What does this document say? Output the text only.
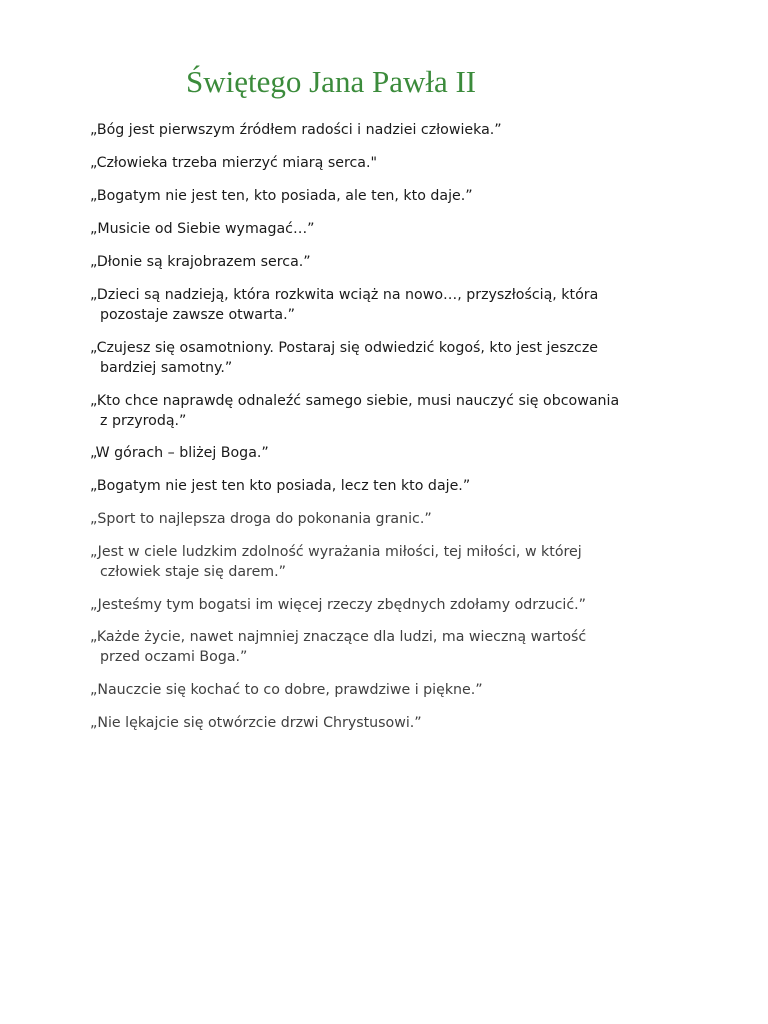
Świętego Jana Pawła II
„Bóg jest pierwszym źródłem radości i nadziei człowieka.”
„Człowieka trzeba mierzyć miarą serca."
„Bogatym nie jest ten, kto posiada, ale ten, kto daje.”
„Musicie od Siebie wymagać…”
„Dłonie są krajobrazem serca.”
„Dzieci są nadzieją, która rozkwita wciąż na nowo…, przyszłością, która
pozostaje zawsze otwarta.”
„Czujesz się osamotniony. Postaraj się odwiedzić kogoś, kto jest jeszcze
bardziej samotny.”
„Kto chce naprawdę odnaleźć samego siebie, musi nauczyć się obcowania
z przyrodą.”
„W górach – bliżej Boga.”
„Bogatym nie jest ten kto posiada, lecz ten kto daje.”
„Sport to najlepsza droga do pokonania granic.”
„Jest w ciele ludzkim zdolność wyrażania miłości, tej miłości, w której
człowiek staje się darem.”
„Jesteśmy tym bogatsi im więcej rzeczy zbędnych zdołamy odrzucić.”
„Każde życie, nawet najmniej znaczące dla ludzi, ma wieczną wartość
przed oczami Boga.”
„Nauczcie się kochać to co dobre, prawdziwe i piękne.”
„Nie lękajcie się otwórzcie drzwi Chrystusowi.”
